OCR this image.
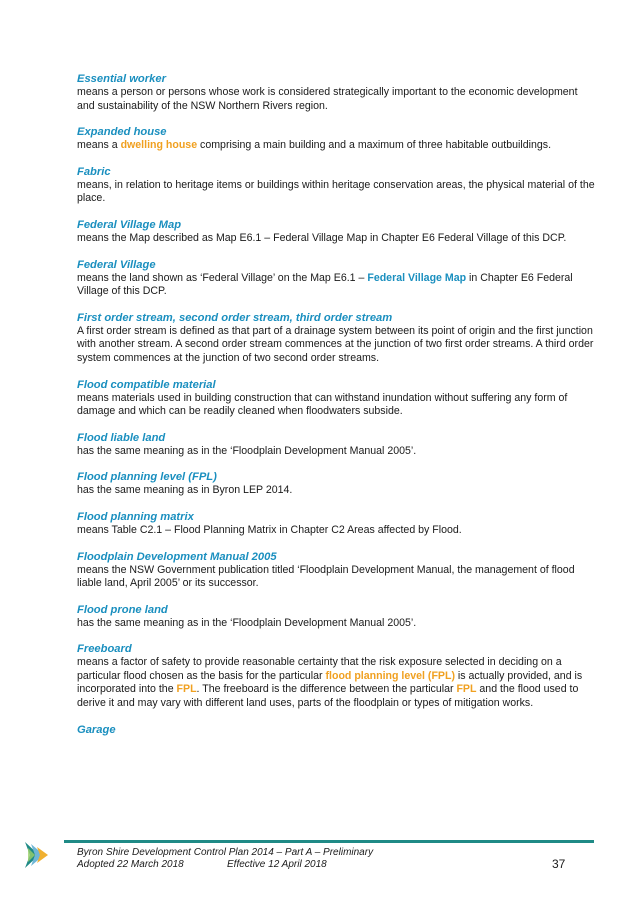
Essential worker
means a person or persons whose work is considered strategically important to the economic development and sustainability of the NSW Northern Rivers region.
Expanded house
means a dwelling house comprising a main building and a maximum of three habitable outbuildings.
Fabric
means, in relation to heritage items or buildings within heritage conservation areas, the physical material of the place.
Federal Village Map
means the Map described as Map E6.1 – Federal Village Map in Chapter E6 Federal Village of this DCP.
Federal Village
means the land shown as ‘Federal Village’ on the Map E6.1 – Federal Village Map in Chapter E6 Federal Village of this DCP.
First order stream, second order stream, third order stream
A first order stream is defined as that part of a drainage system between its point of origin and the first junction with another stream. A second order stream commences at the junction of two first order streams. A third order system commences at the junction of two second order streams.
Flood compatible material
means materials used in building construction that can withstand inundation without suffering any form of damage and which can be readily cleaned when floodwaters subside.
Flood liable land
has the same meaning as in the ‘Floodplain Development Manual 2005’.
Flood planning level (FPL)
has the same meaning as in Byron LEP 2014.
Flood planning matrix
means Table C2.1 – Flood Planning Matrix in Chapter C2 Areas affected by Flood.
Floodplain Development Manual 2005
means the NSW Government publication titled ‘Floodplain Development Manual, the management of flood liable land, April 2005’ or its successor.
Flood prone land
has the same meaning as in the ‘Floodplain Development Manual 2005’.
Freeboard
means a factor of safety to provide reasonable certainty that the risk exposure selected in deciding on a particular flood chosen as the basis for the particular flood planning level (FPL) is actually provided, and is incorporated into the FPL. The freeboard is the difference between the particular FPL and the flood used to derive it and may vary with different land uses, parts of the floodplain or types of mitigation works.
Garage
Byron Shire Development Control Plan 2014 – Part A – Preliminary
Adopted 22 March 2018	Effective 12 April 2018	37
